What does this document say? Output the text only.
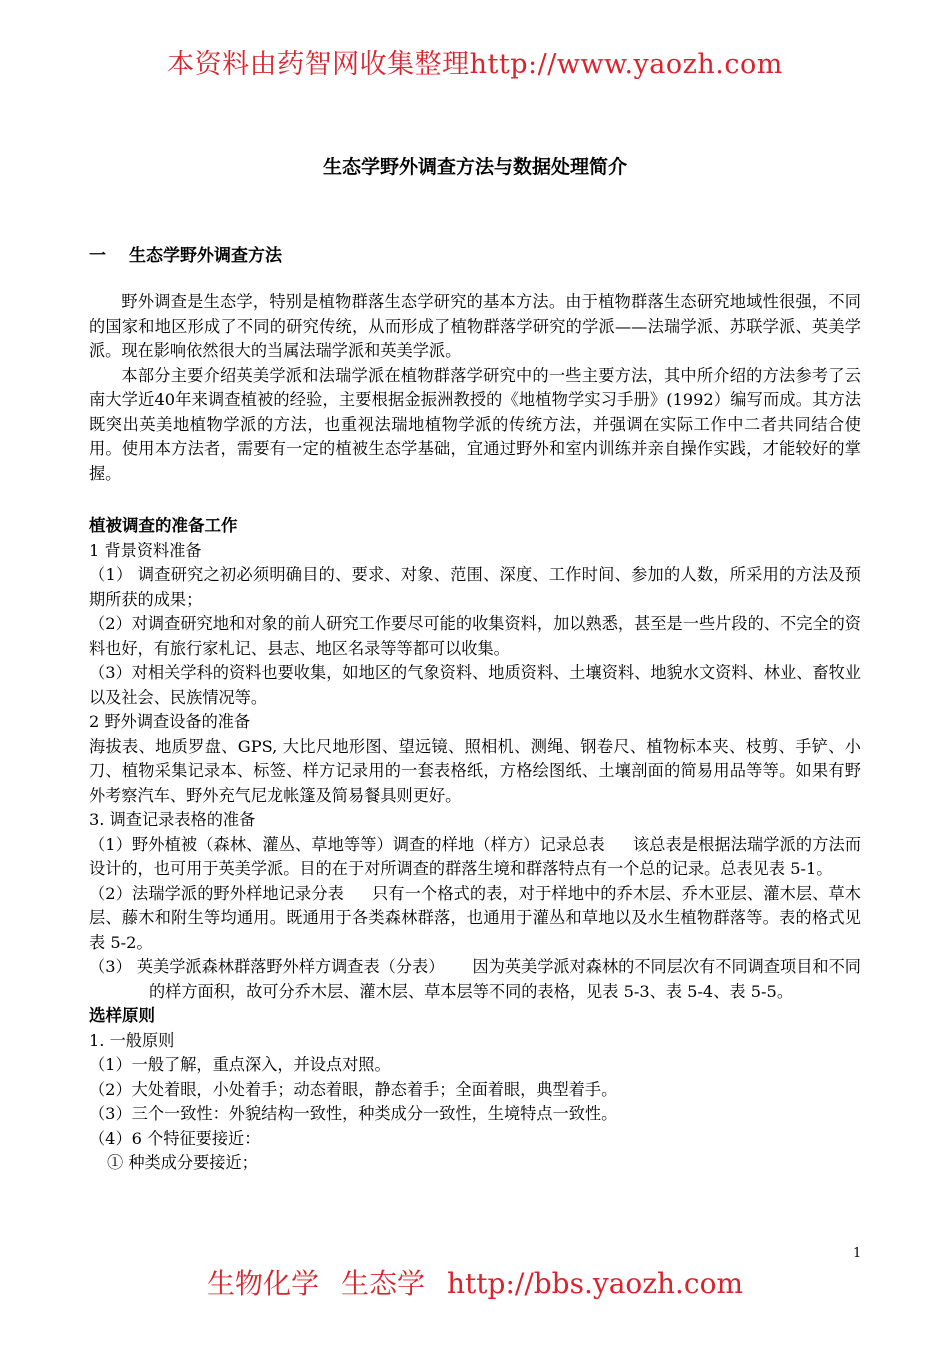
本资料由药智网收集整理http://www.yaozh.com
生态学野外调查方法与数据处理简介
一 生态学野外调查方法

野外调查是生态学，特别是植物群落生态学研究的基本方法。由于植物群落生态研究地域性很强，不同的国家和地区形成了不同的研究传统，从而形成了植物群落学研究的学派——法瑞学派、苏联学派、英美学派。现在影响依然很大的当属法瑞学派和英美学派。

本部分主要介绍英美学派和法瑞学派在植物群落学研究中的一些主要方法，其中所介绍的方法参考了云南大学近40年来调查植被的经验，主要根据金振洲教授的《地植物学实习手册》(1992）编写而成。其方法既突出英美地植物学派的方法，也重视法瑞地植物学派的传统方法，并强调在实际工作中二者共同结合使用。使用本方法者，需要有一定的植被生态学基础，宜通过野外和室内训练并亲自操作实践，才能较好的掌握。

植被调查的准备工作
1 背景资料准备
（1） 调查研究之初必须明确目的、要求、对象、范围、深度、工作时间、参加的人数，所采用的方法及预期所获的成果；
（2）对调查研究地和对象的前人研究工作要尽可能的收集资料，加以熟悉，甚至是一些片段的、不完全的资料也好，有旅行家札记、县志、地区名录等等都可以收集。
（3）对相关学科的资料也要收集，如地区的气象资料、地质资料、土壤资料、地貌水文资料、林业、畜牧业以及社会、民族情况等。
2 野外调查设备的准备
海拔表、地质罗盘、GPS, 大比尺地形图、望远镜、照相机、测绳、钢卷尺、植物标本夹、枝剪、手铲、小刀、植物采集记录本、标签、样方记录用的一套表格纸，方格绘图纸、土壤剖面的简易用品等等。如果有野外考察汽车、野外充气尼龙帐篷及简易餐具则更好。
3. 调查记录表格的准备
（1）野外植被（森林、灌丛、草地等等）调查的样地（样方）记录总表 该总表是根据法瑞学派的方法而设计的，也可用于英美学派。目的在于对所调查的群落生境和群落特点有一个总的记录。总表见表 5-1。
（2）法瑞学派的野外样地记录分表 只有一个格式的表，对于样地中的乔木层、乔木亚层、灌木层、草木层、藤木和附生等均通用。既通用于各类森林群落，也通用于灌丛和草地以及水生植物群落等。表的格式见表 5-2。
（3） 英美学派森林群落野外样方调查表（分表） 因为英美学派对森林的不同层次有不同调查项目和不同的样方面积，故可分乔木层、灌木层、草本层等不同的表格，见表 5-3、表 5-4、表 5-5。
选样原则
1. 一般原则
（1）一般了解，重点深入，并设点对照。
（2）大处着眼，小处着手；动态着眼，静态着手；全面着眼，典型着手。
（3）三个一致性：外貌结构一致性，种类成分一致性，生境特点一致性。
（4）6 个特征要接近：
① 种类成分要接近；
1
生物化学 生态学 http://bbs.yaozh.com
